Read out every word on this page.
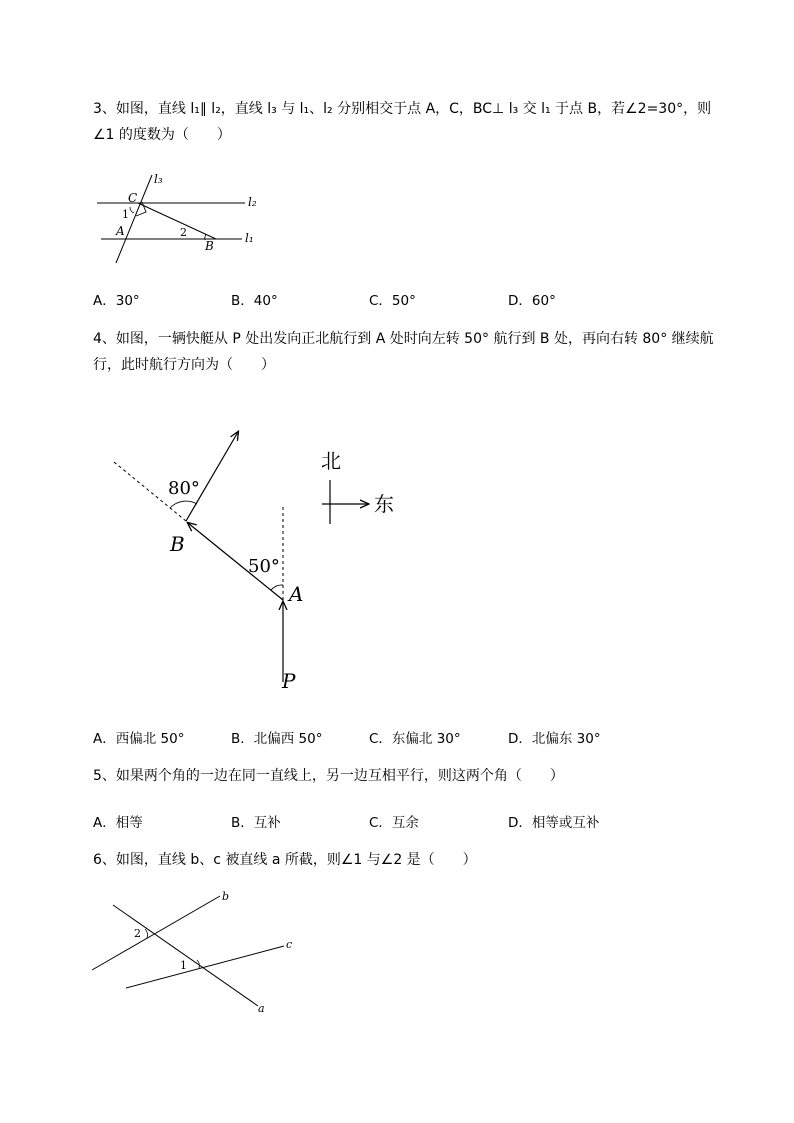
3、如图，直线 l₁∥ l₂，直线 l₃ 与 l₁、l₂ 分别相交于点 A，C，BC⊥ l₃ 交 l₁ 于点 B，若∠2=30°，则
∠1 的度数为（　　）
l₃
l₂
l₁
C
A
B
1
2
A．30°	B．40°	C．50°	D．60°
4、如图，一辆快艇从 P 处出发向正北航行到 A 处时向左转 50° 航行到 B 处，再向右转 80° 继续航
行，此时航行方向为（　　）
北
东
80°
50°
B
A
P
A．西偏北 50°	B．北偏西 50°	C．东偏北 30°	D．北偏东 30°
5、如果两个角的一边在同一直线上，另一边互相平行，则这两个角（　　）
A．相等	B．互补	C．互余	D．相等或互补
6、如图，直线 b、c 被直线 a 所截，则∠1 与∠2 是（　　）
b
c
a
2
1
